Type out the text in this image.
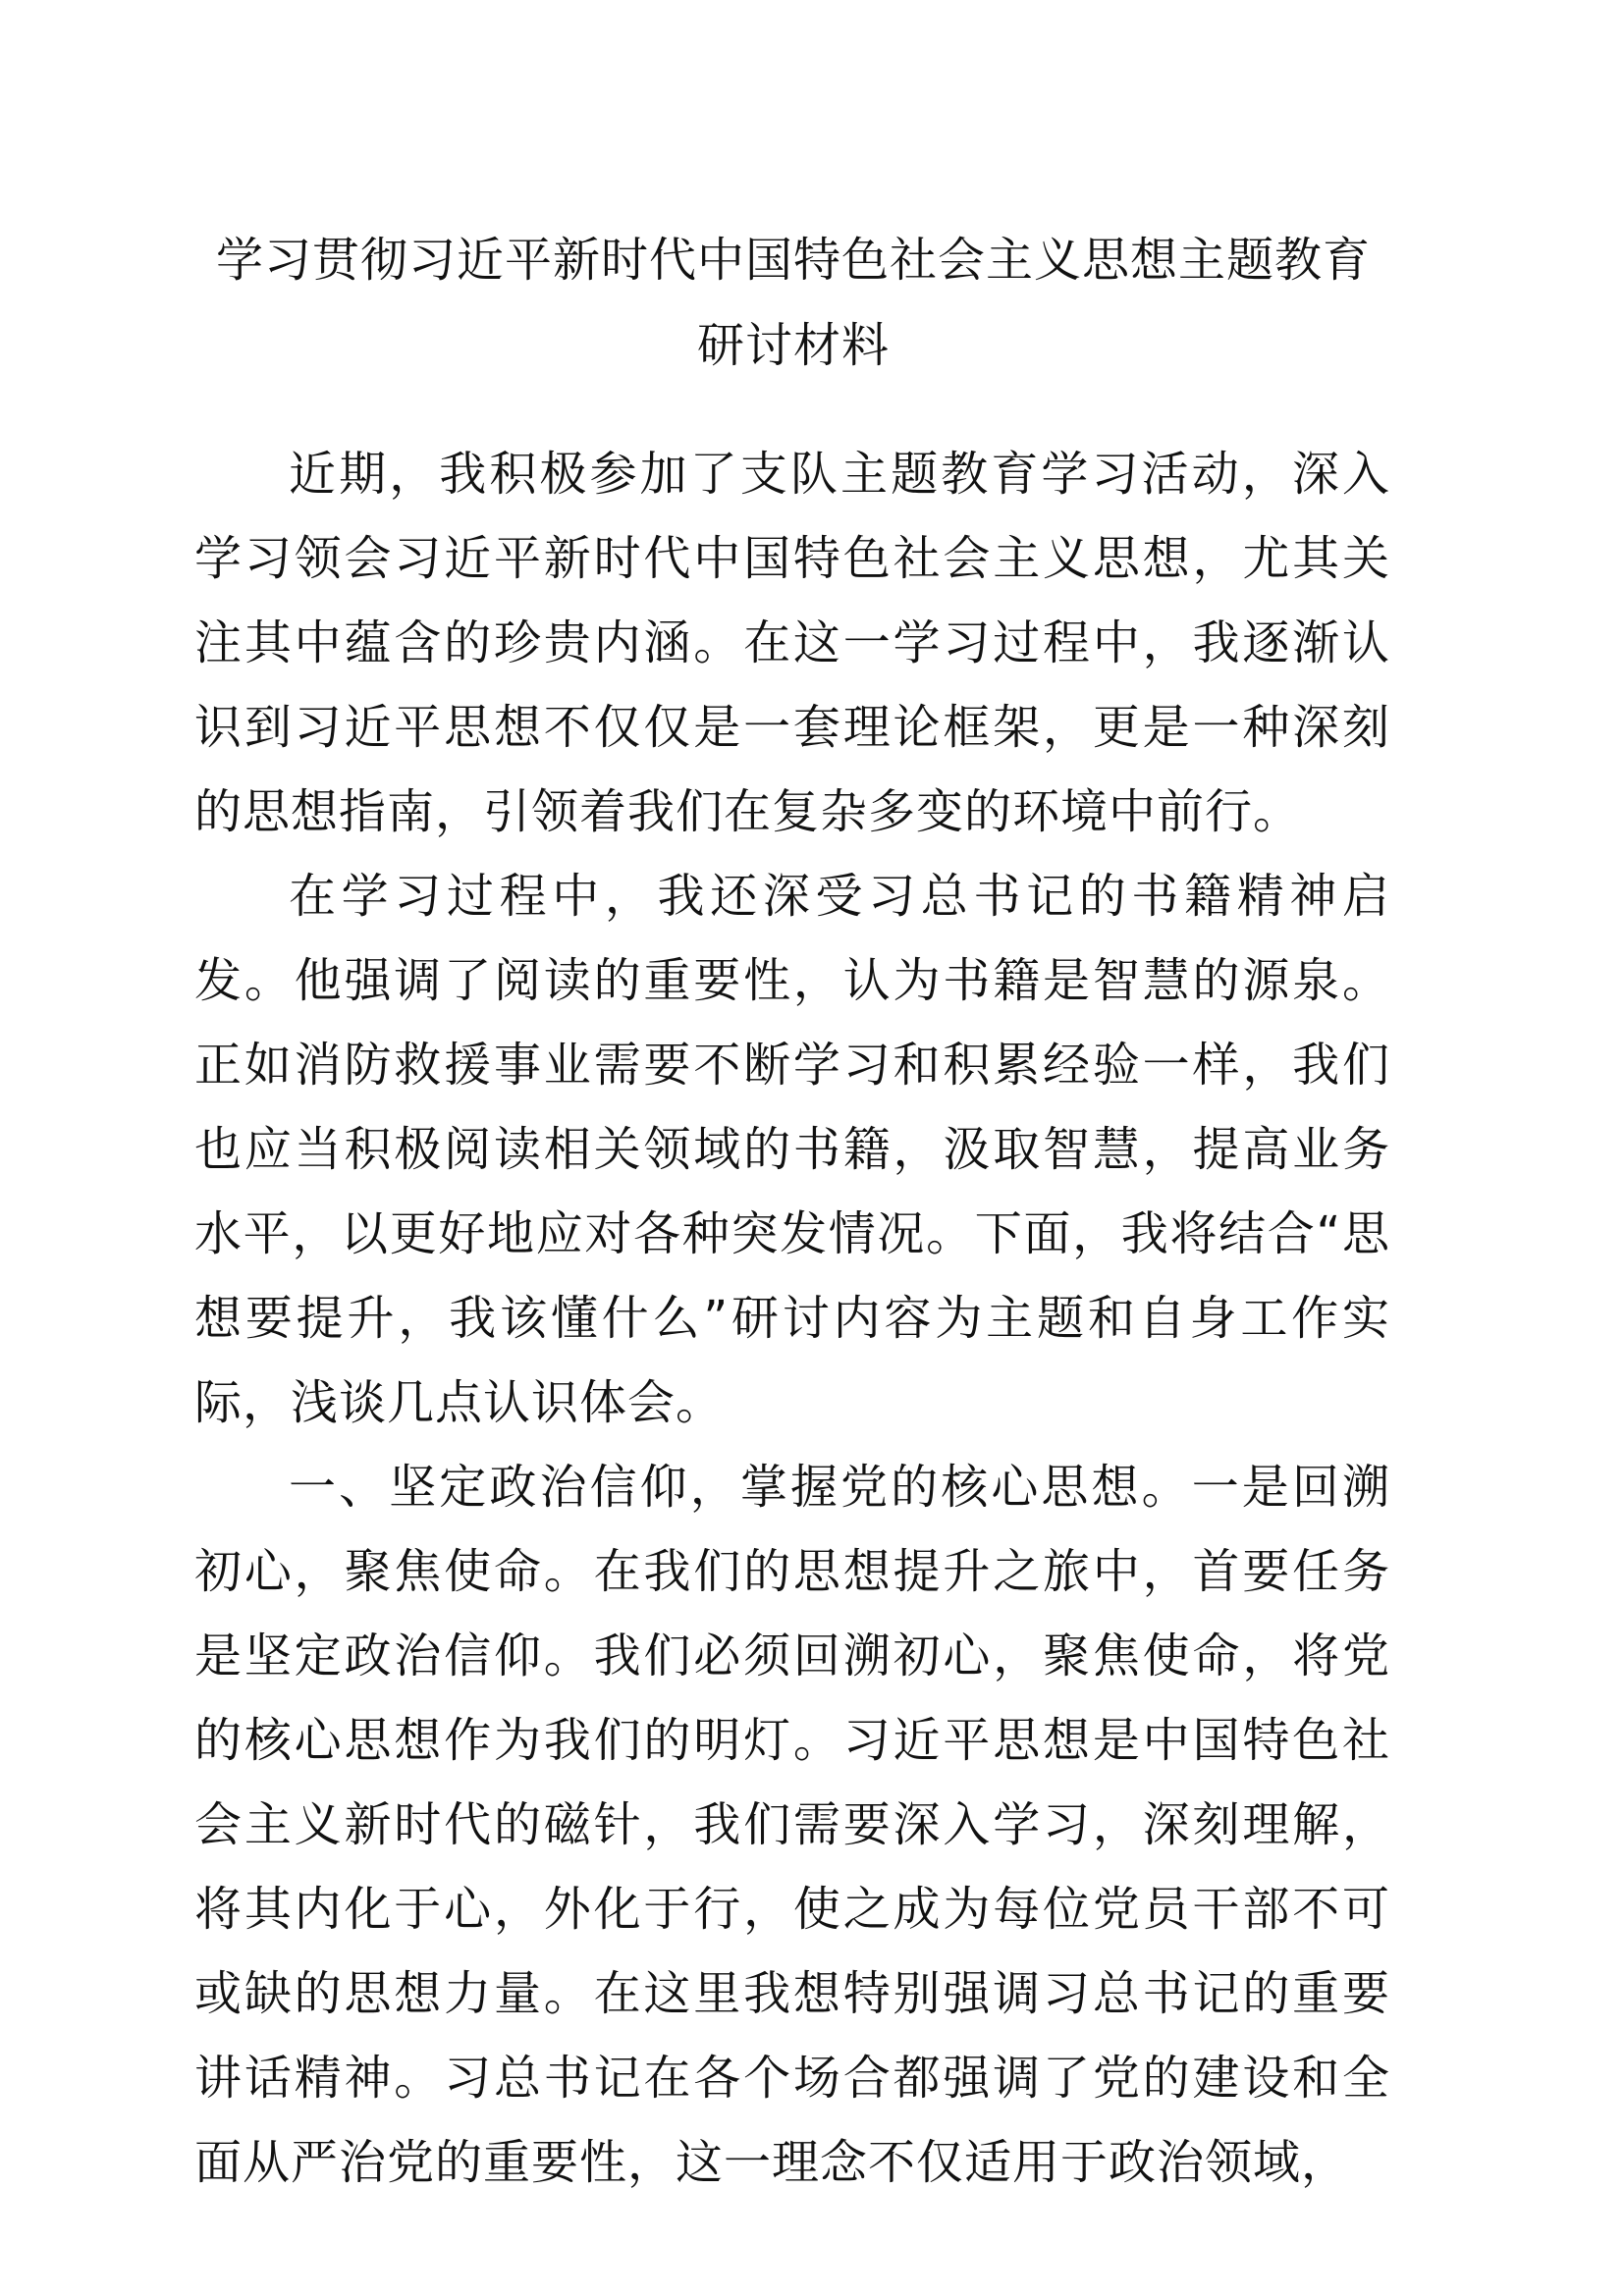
学习贯彻习近平新时代中国特色社会主义思想主题教育研讨材料

近期，我积极参加了支队主题教育学习活动，深入学习领会习近平新时代中国特色社会主义思想，尤其关注其中蕴含的珍贵内涵。在这一学习过程中，我逐渐认识到习近平思想不仅仅是一套理论框架，更是一种深刻的思想指南，引领着我们在复杂多变的环境中前行。

在学习过程中，我还深受习总书记的书籍精神启发。他强调了阅读的重要性，认为书籍是智慧的源泉。正如消防救援事业需要不断学习和积累经验一样，我们也应当积极阅读相关领域的书籍，汲取智慧，提高业务水平，以更好地应对各种突发情况。下面，我将结合“思想要提升，我该懂什么”研讨内容为主题和自身工作实际，浅谈几点认识体会。

一、坚定政治信仰，掌握党的核心思想。一是回溯初心，聚焦使命。在我们的思想提升之旅中，首要任务是坚定政治信仰。我们必须回溯初心，聚焦使命，将党的核心思想作为我们的明灯。习近平思想是中国特色社会主义新时代的磁针，我们需要深入学习，深刻理解，将其内化于心，外化于行，使之成为每位党员干部不可或缺的思想力量。在这里我想特别强调习总书记的重要讲话精神。习总书记在各个场合都强调了党的建设和全面从严治党的重要性，这一理念不仅适用于政治领域，
